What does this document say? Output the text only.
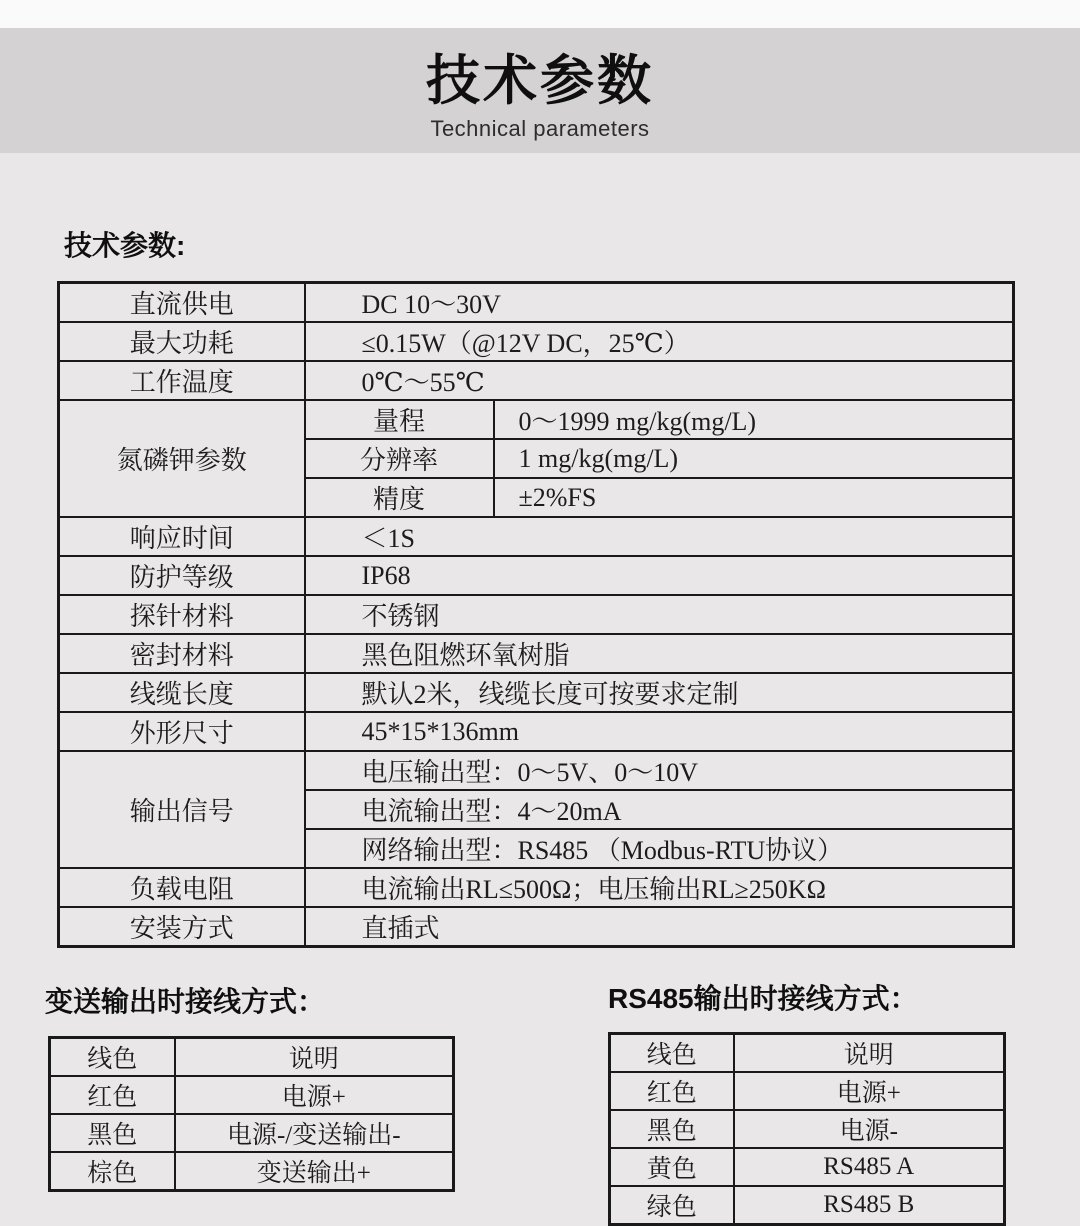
技术参数
Technical parameters
技术参数:
直流供电	DC 10～30V	
最大功耗	≤0.15W（@12V DC，25℃）	
工作温度	0℃～55℃	
氮磷钾参数	量程	0～1999 mg/kg(mg/L)
	分辨率	1 mg/kg(mg/L)
	精度	±2%FS
响应时间	＜1S	
防护等级	IP68	
探针材料	不锈钢	
密封材料	黑色阻燃环氧树脂	
线缆长度	默认2米，线缆长度可按要求定制	
外形尺寸	45*15*136mm	
输出信号	电压输出型：0～5V、0～10V	
	电流输出型：4～20mA	
	网络输出型：RS485 （Modbus-RTU协议）	
负载电阻	电流输出RL≤500Ω；电压输出RL≥250KΩ	
安装方式	直插式	
变送输出时接线方式：
线色	说明
红色	电源+
黑色	电源-/变送输出-
棕色	变送输出+
RS485输出时接线方式：
线色	说明
红色	电源+
黑色	电源-
黄色	RS485 A
绿色	RS485 B
